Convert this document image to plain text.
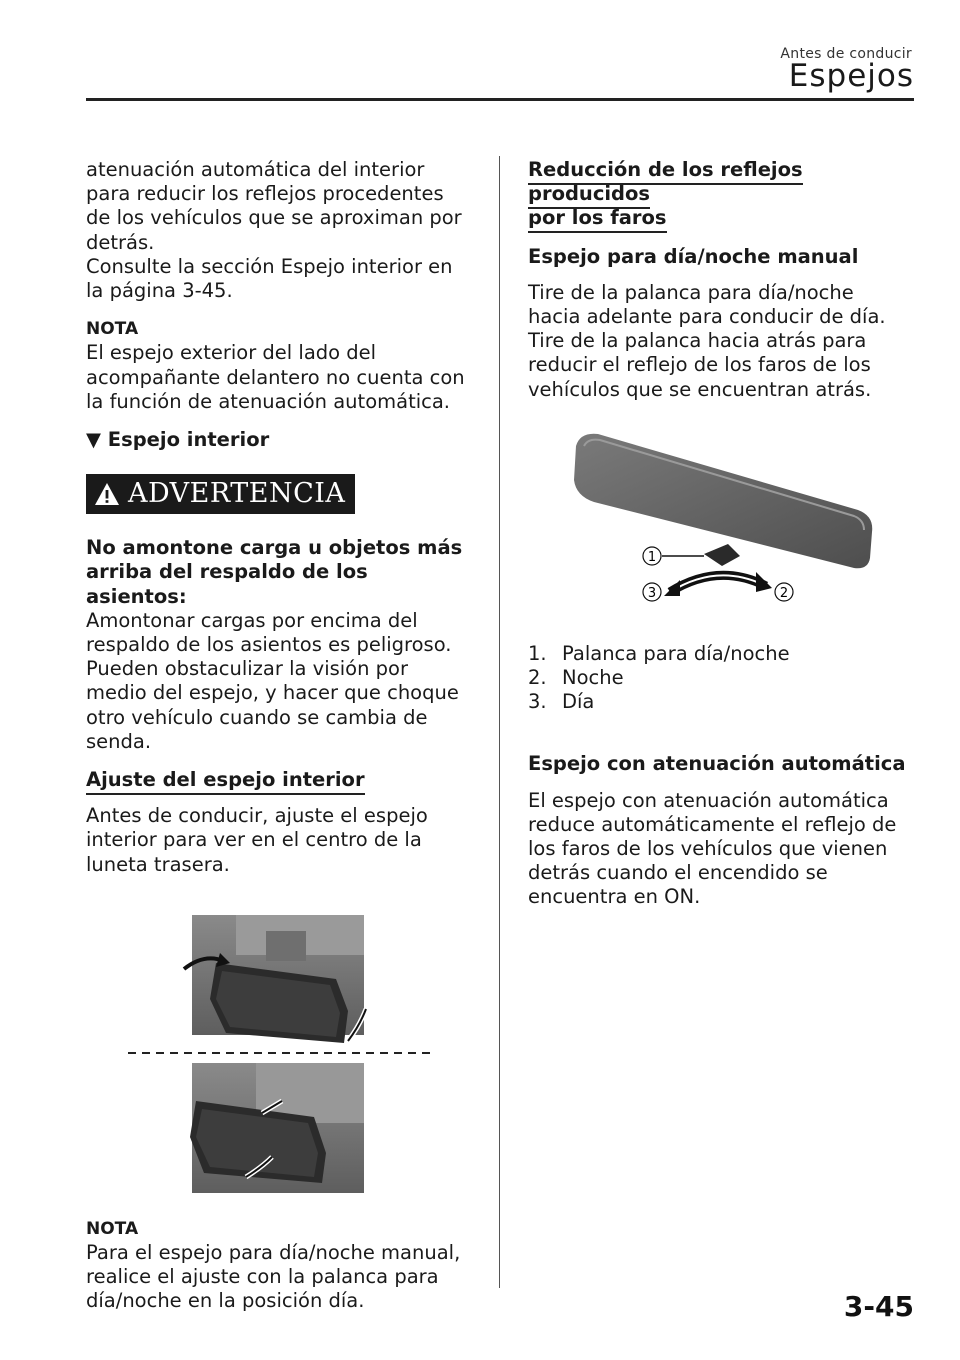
Antes de conducir
Espejos
atenuación automática del interior
para reducir los reflejos procedentes
de los vehículos que se aproximan por
detrás.
Consulte la sección Espejo interior en
la página 3-45.
NOTA
El espejo exterior del lado del
acompañante delantero no cuenta con
la función de atenuación automática.
▼ Espejo interior
ADVERTENCIA
No amontone carga u objetos más
arriba del respaldo de los asientos:
Amontonar cargas por encima del
respaldo de los asientos es peligroso.
Pueden obstaculizar la visión por
medio del espejo, y hacer que choque
otro vehículo cuando se cambia de
senda.
Ajuste del espejo interior
Antes de conducir, ajuste el espejo
interior para ver en el centro de la
luneta trasera.
NOTA
Para el espejo para día/noche manual,
realice el ajuste con la palanca para
día/noche en la posición día.
Reducción de los reflejos producidos
por los faros
Espejo para día/noche manual
Tire de la palanca para día/noche
hacia adelante para conducir de día.
Tire de la palanca hacia atrás para
reducir el reflejo de los faros de los
vehículos que se encuentran atrás.
1
3	2
1. Palanca para día/noche
2. Noche
3. Día
Espejo con atenuación automática
El espejo con atenuación automática
reduce automáticamente el reflejo de
los faros de los vehículos que vienen
detrás cuando el encendido se
encuentra en ON.
3-45
